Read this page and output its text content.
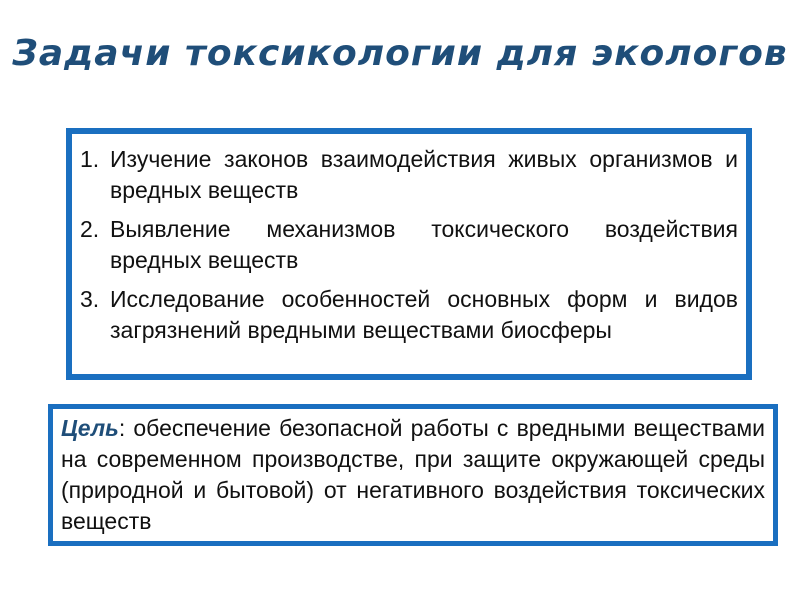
Задачи токсикологии для экологов
1. Изучение законов взаимодействия живых организмов и вредных веществ
2. Выявление механизмов токсического воздействия вредных веществ
3. Исследование особенностей основных форм и видов загрязнений вредными веществами биосферы

Цель: обеспечение безопасной работы с вредными веществами на современном производстве, при защите окружающей среды (природной и бытовой) от негативного воздействия токсических веществ
